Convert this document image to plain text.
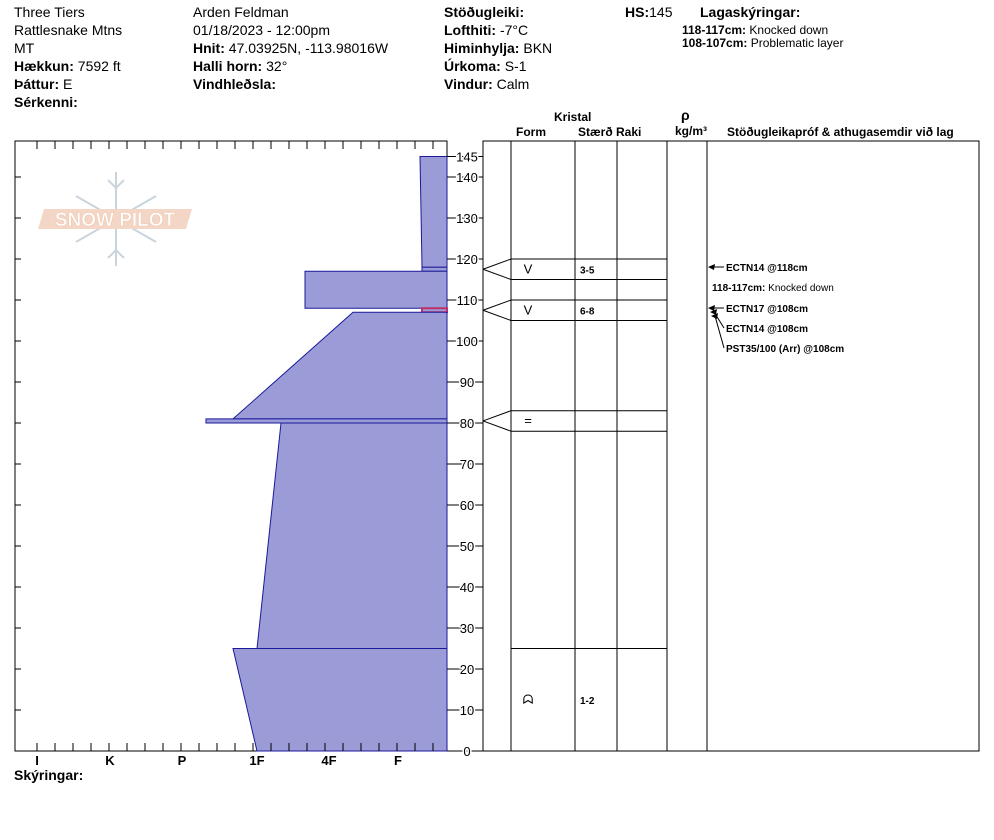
Three Tiers
Rattlesnake Mtns
MT
Hækkun: 7592 ft
Þáttur: E
Sérkenni:
Arden Feldman
01/18/2023 - 12:00pm
Hnit: 47.03925N, -113.98016W
Halli horn: 32°
Vindhleðsla:
Stöðugleiki:
Lofthiti: -7°C
Himinhylja: BKN
Úrkoma: S-1
Vindur: Calm
HS:145 Lagaskýringar:
118-117cm: Knocked down
108-107cm: Problematic layer
Kristal
Form	Stærð Raki
ρ
kg/m³ Stöðugleikapróf & athugasemdir við lag
Skýringar:
SNOW PILOT
I	K	P	1F	4F	F
0
10
20
30
40
50
60
70
80
90
100
110
120
130
140
145
V	3-5
V	6-8
=
ᗣ	1-2
ECTN14 @118cm
118-117cm: Knocked down
ECTN17 @108cm
ECTN14 @108cm
PST35/100 (Arr) @108cm
